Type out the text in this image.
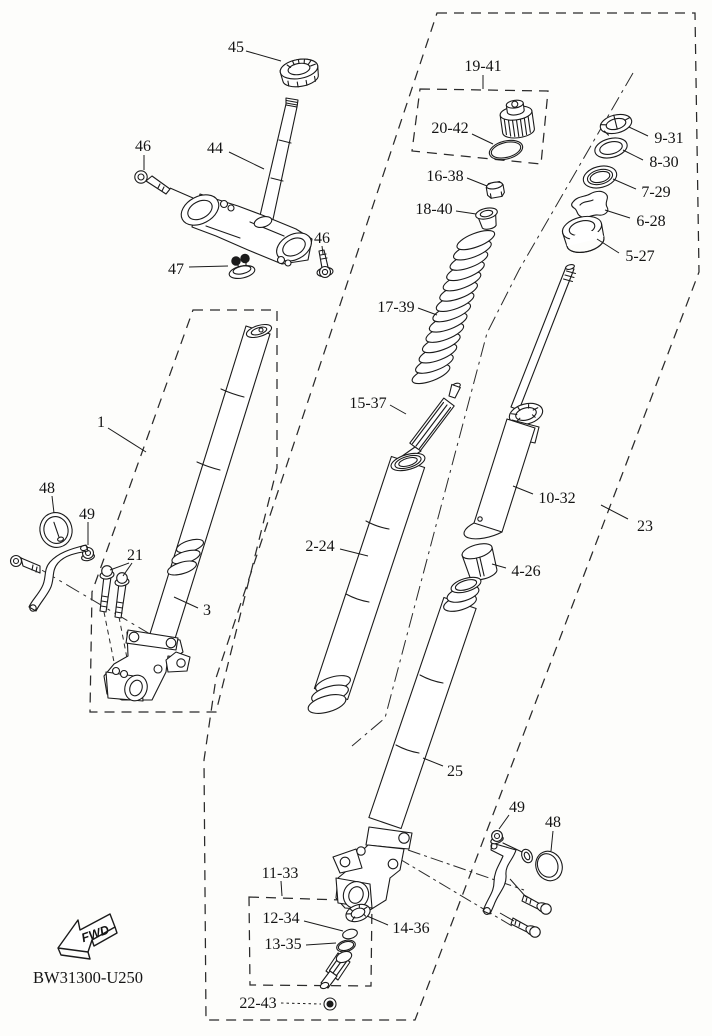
45
44
46
46
47
1
48
49
21
3
19-41
20-42
16-38
18-40
17-39
15-37
2-24
9-31
8-30
7-29
6-28
5-27
10-32
23
4-26
25
49
48
11-33
12-34
13-35
14-36
22-43
FWD
BW31300-U250
